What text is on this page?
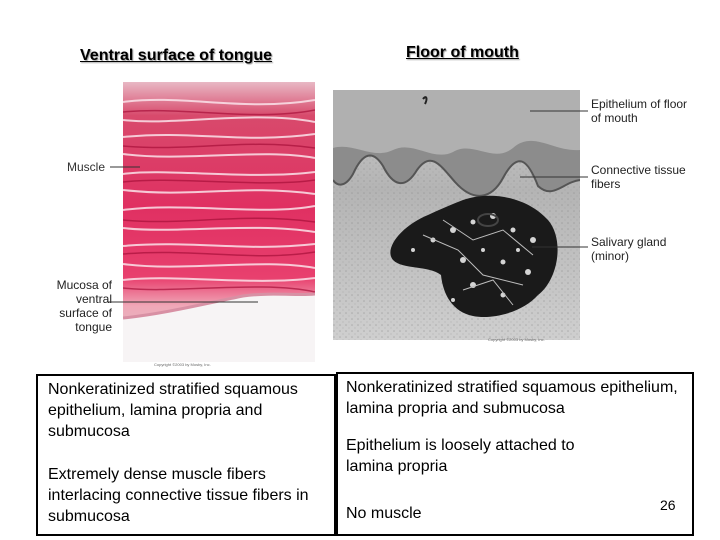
Ventral surface of tongue	Floor of mouth
Copyright ©2003 by Mosby, Inc.
Muscle
Mucosa of ventral surface of tongue
Copyright ©2003 by Mosby, Inc.
Epithelium of floor of mouth
Connective tissue fibers
Salivary gland (minor)

Nonkeratinized stratified squamous epithelium, lamina propria and submucosa

Extremely dense muscle fibers interlacing connective tissue fibers in submucosa

Nonkeratinized stratified squamous epithelium, lamina propria and submucosa

Epithelium is loosely attached to lamina propria

No muscle	26
